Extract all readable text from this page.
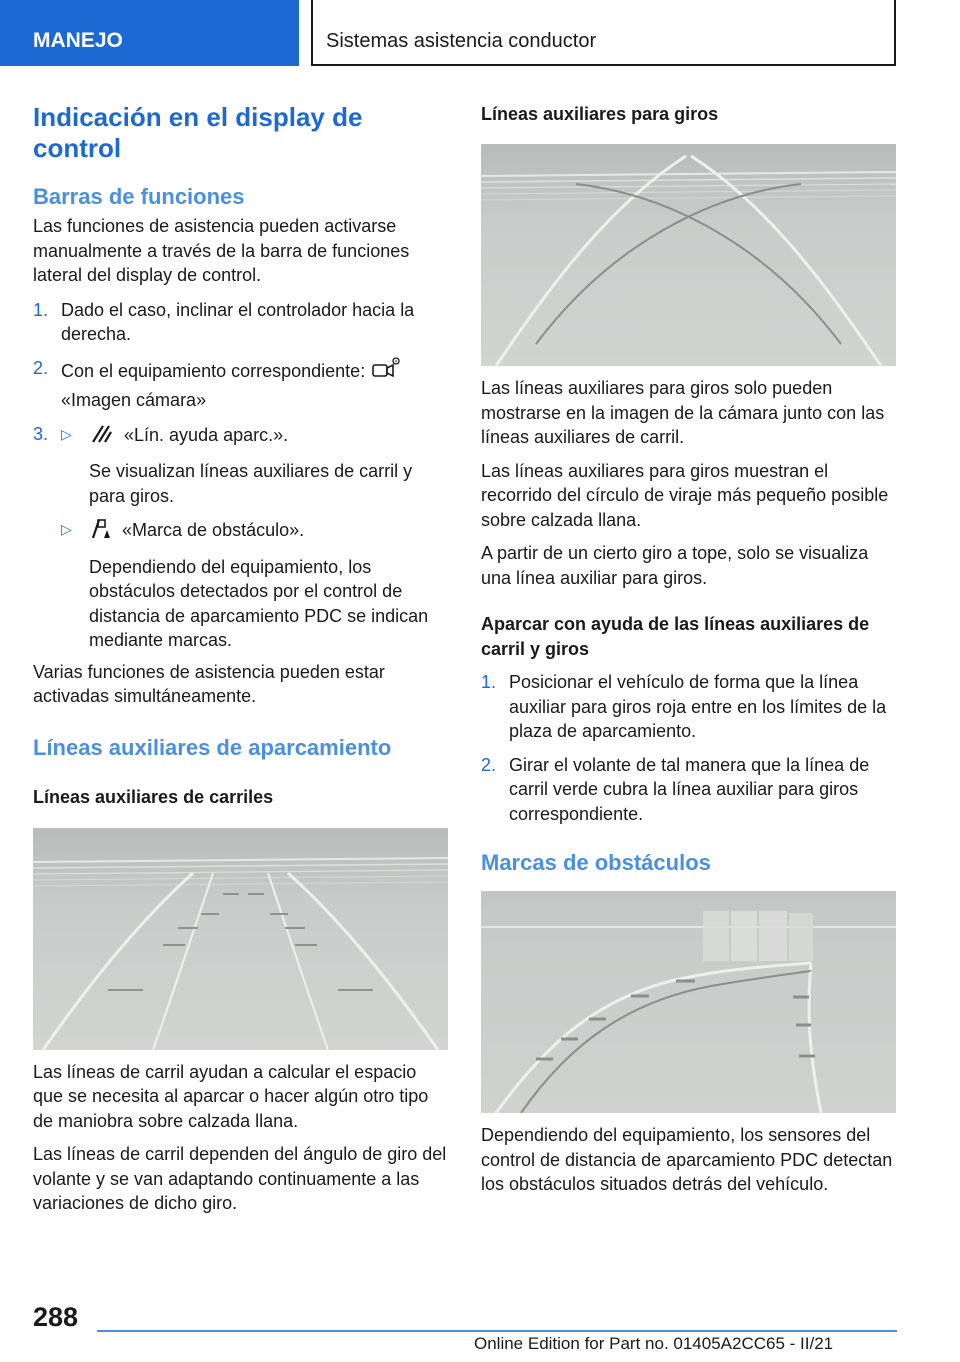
MANEJO	Sistemas asistencia conductor
Indicación en el display de control
Barras de funciones

Las funciones de asistencia pueden activarse manualmente a través de la barra de funciones lateral del display de control.

1. Dado el caso, inclinar el controlador hacia la derecha.
2. Con el equipamiento correspondiente:
«Imagen cámara»
3. ▷	«Lín. ayuda aparc.».
Se visualizan líneas auxiliares de carril y para giros.
▷	«Marca de obstáculo».
Dependiendo del equipamiento, los obstáculos detectados por el control de distancia de aparcamiento PDC se indican mediante marcas.

Varias funciones de asistencia pueden estar activadas simultáneamente.

Líneas auxiliares de aparcamiento
Líneas auxiliares de carriles

Las líneas de carril ayudan a calcular el espacio que se necesita al aparcar o hacer algún otro tipo de maniobra sobre calzada llana.

Las líneas de carril dependen del ángulo de giro del volante y se van adaptando continuamente a las variaciones de dicho giro.

Líneas auxiliares para giros

Las líneas auxiliares para giros solo pueden mostrarse en la imagen de la cámara junto con las líneas auxiliares de carril.

Las líneas auxiliares para giros muestran el recorrido del círculo de viraje más pequeño posible sobre calzada llana.

A partir de un cierto giro a tope, solo se visualiza una línea auxiliar para giros.

Aparcar con ayuda de las líneas auxiliares de carril y giros
1. Posicionar el vehículo de forma que la línea auxiliar para giros roja entre en los límites de la plaza de aparcamiento.
2. Girar el volante de tal manera que la línea de carril verde cubra la línea auxiliar para giros correspondiente.
Marcas de obstáculos

Dependiendo del equipamiento, los sensores del control de distancia de aparcamiento PDC detectan los obstáculos situados detrás del vehículo.

288
Online Edition for Part no. 01405A2CC65 - II/21
